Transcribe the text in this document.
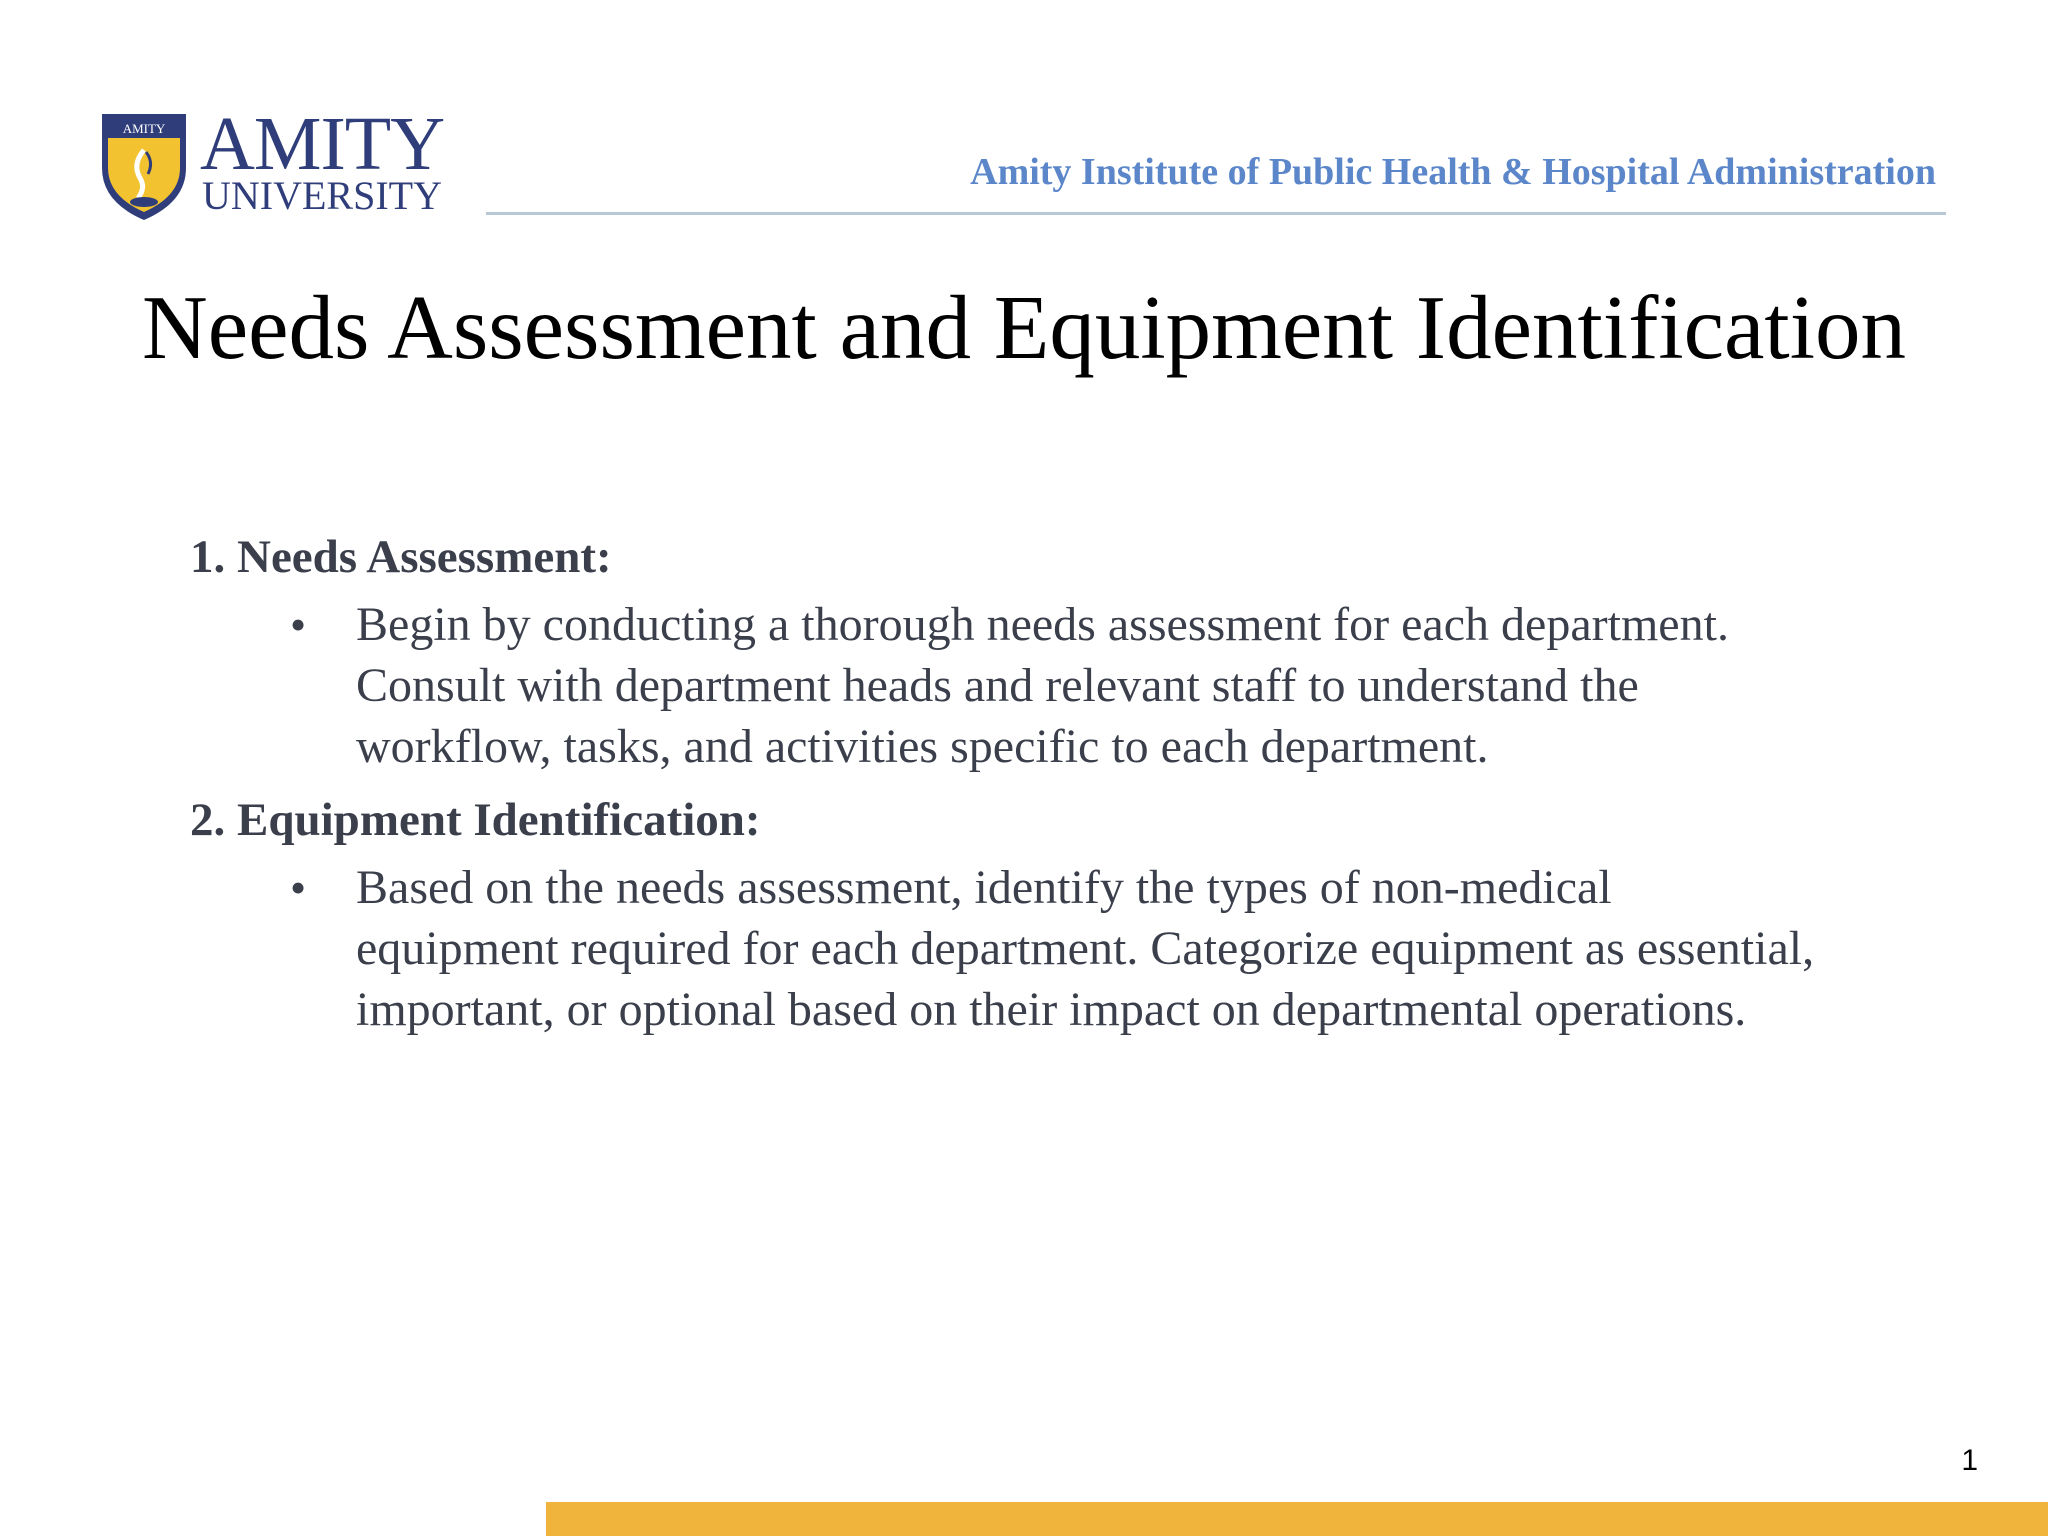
AMITY AMITY
UNIVERSITY
Amity Institute of Public Health & Hospital Administration
Needs Assessment and Equipment Identification

1. Needs Assessment:

• Begin by conducting a thorough needs assessment for each department.
Consult with department heads and relevant staff to understand the
workflow, tasks, and activities specific to each department.

2. Equipment Identification:

• Based on the needs assessment, identify the types of non-medical
equipment required for each department. Categorize equipment as essential,
important, or optional based on their impact on departmental operations.
1
